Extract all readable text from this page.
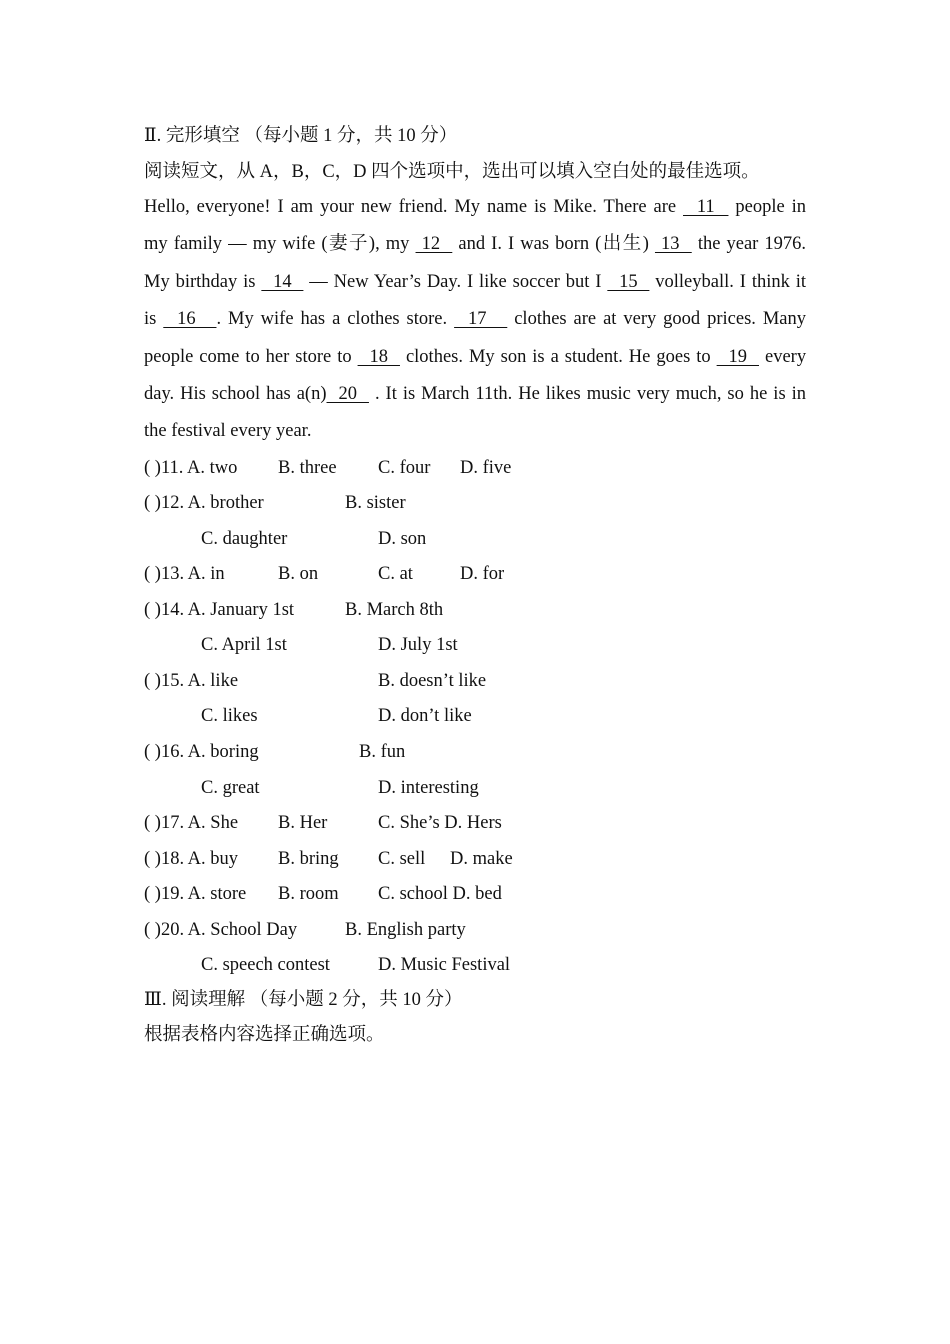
Ⅱ. 完形填空 （每小题 1 分，共 10 分）
阅读短文，从 A，B，C，D 四个选项中，选出可以填入空白处的最佳选项。
Hello, everyone! I am your new friend. My name is Mike. There are   11   people in
my family — my wife (妻子), my  12   and I. I was born (出生)  13   the year 1976.
My birthday is   14   — New Year’s Day. I like soccer but I   15   volleyball. I think it
is   16   . My wife has a clothes store.   17    clothes are at very good prices. Many
people come to her store to   18   clothes. My son is a student. He goes to   19   every
day. His school has a(n)  20   . It is March 11th. He likes music very much, so he is in
the festival every year.
( )11. A. two B. three C. four D. five
( )12. A. brother	B. sister
C. daughter	D. son
( )13. A. in	B. on	C. at	D. for
( )14. A. January 1st	B. March 8th
C. April 1st	D. July 1st
( )15. A. like	B. doesn’t like
C. likes	D. don’t like
( )16. A. boring	B. fun
C. great	D. interesting
( )17. A. She B. Her	C. She’s D. Hers
( )18. A. buy B. bring C. sell D. make
( )19. A. store B. room C. school D. bed
( )20. A. School Day	B. English party
C. speech contest	D. Music Festival
Ⅲ. 阅读理解 （每小题 2 分，共 10 分）
根据表格内容选择正确选项。
